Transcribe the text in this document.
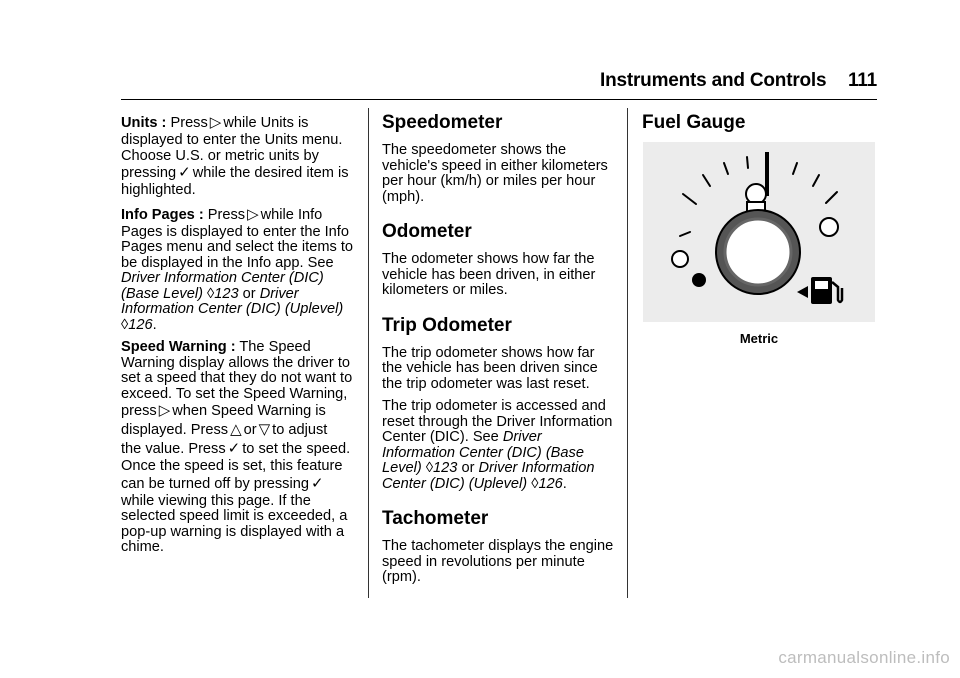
Instruments and Controls 111

Units : Press ▷ while Units is
displayed to enter the Units menu. Choose U.S. or metric units by
pressing ✓ while the desired item is
highlighted.

Info Pages : Press ▷ while Info
Pages is displayed to enter the Info Pages menu and select the items to be displayed in the Info app. See Driver Information Center (DIC) (Base Level) ◊123 or Driver Information Center (DIC) (Uplevel) ◊126.

Speed Warning : The Speed Warning display allows the driver to set a speed that they do not want to exceed. To set the Speed Warning,
press ▷ when Speed Warning is
displayed. Press △ or ▽ to adjust
the value. Press ✓ to set the speed.
Once the speed is set, this feature
can be turned off by pressing ✓
while viewing this page. If the selected speed limit is exceeded, a pop-up warning is displayed with a chime.

Speedometer

The speedometer shows the vehicle's speed in either kilometers per hour (km/h) or miles per hour (mph).

Odometer

The odometer shows how far the vehicle has been driven, in either kilometers or miles.

Trip Odometer

The trip odometer shows how far the vehicle has been driven since the trip odometer was last reset.

The trip odometer is accessed and reset through the Driver Information Center (DIC). See Driver Information Center (DIC) (Base Level) ◊123 or Driver Information Center (DIC) (Uplevel) ◊126.

Tachometer

The tachometer displays the engine speed in revolutions per minute (rpm).

Fuel Gauge
Metric
carmanualsonline.info
